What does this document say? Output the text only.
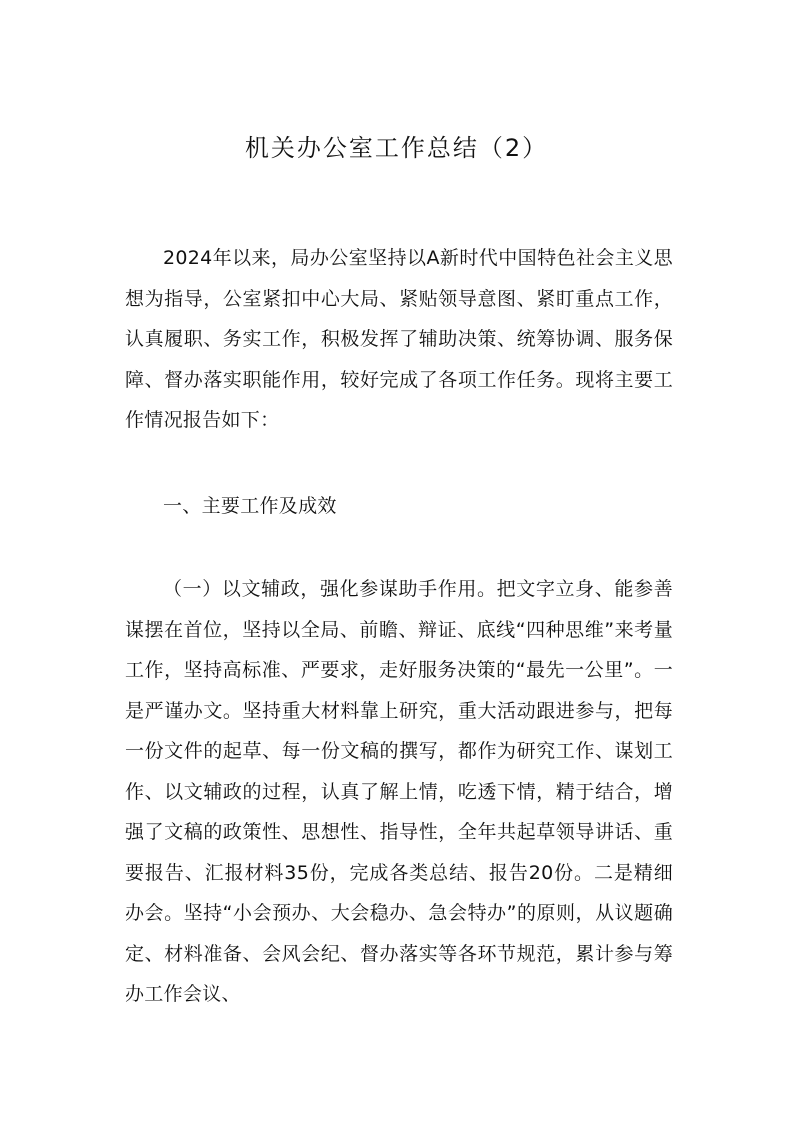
机关办公室工作总结（2）

2024年以来，局办公室坚持以A新时代中国特色社会主义思想为指导，公室紧扣中心大局、紧贴领导意图、紧盯重点工作，认真履职、务实工作，积极发挥了辅助决策、统筹协调、服务保障、督办落实职能作用，较好完成了各项工作任务。现将主要工作情况报告如下：

一、主要工作及成效

（一）以文辅政，强化参谋助手作用。把文字立身、能参善谋摆在首位，坚持以全局、前瞻、辩证、底线“四种思维”来考量工作，坚持高标准、严要求，走好服务决策的“最先一公里”。一是严谨办文。坚持重大材料靠上研究，重大活动跟进参与，把每一份文件的起草、每一份文稿的撰写，都作为研究工作、谋划工作、以文辅政的过程，认真了解上情，吃透下情，精于结合，增强了文稿的政策性、思想性、指导性，全年共起草领导讲话、重要报告、汇报材料35份，完成各类总结、报告20份。二是精细办会。坚持“小会预办、大会稳办、急会特办”的原则，从议题确定、材料准备、会风会纪、督办落实等各环节规范，累计参与筹办工作会议、
